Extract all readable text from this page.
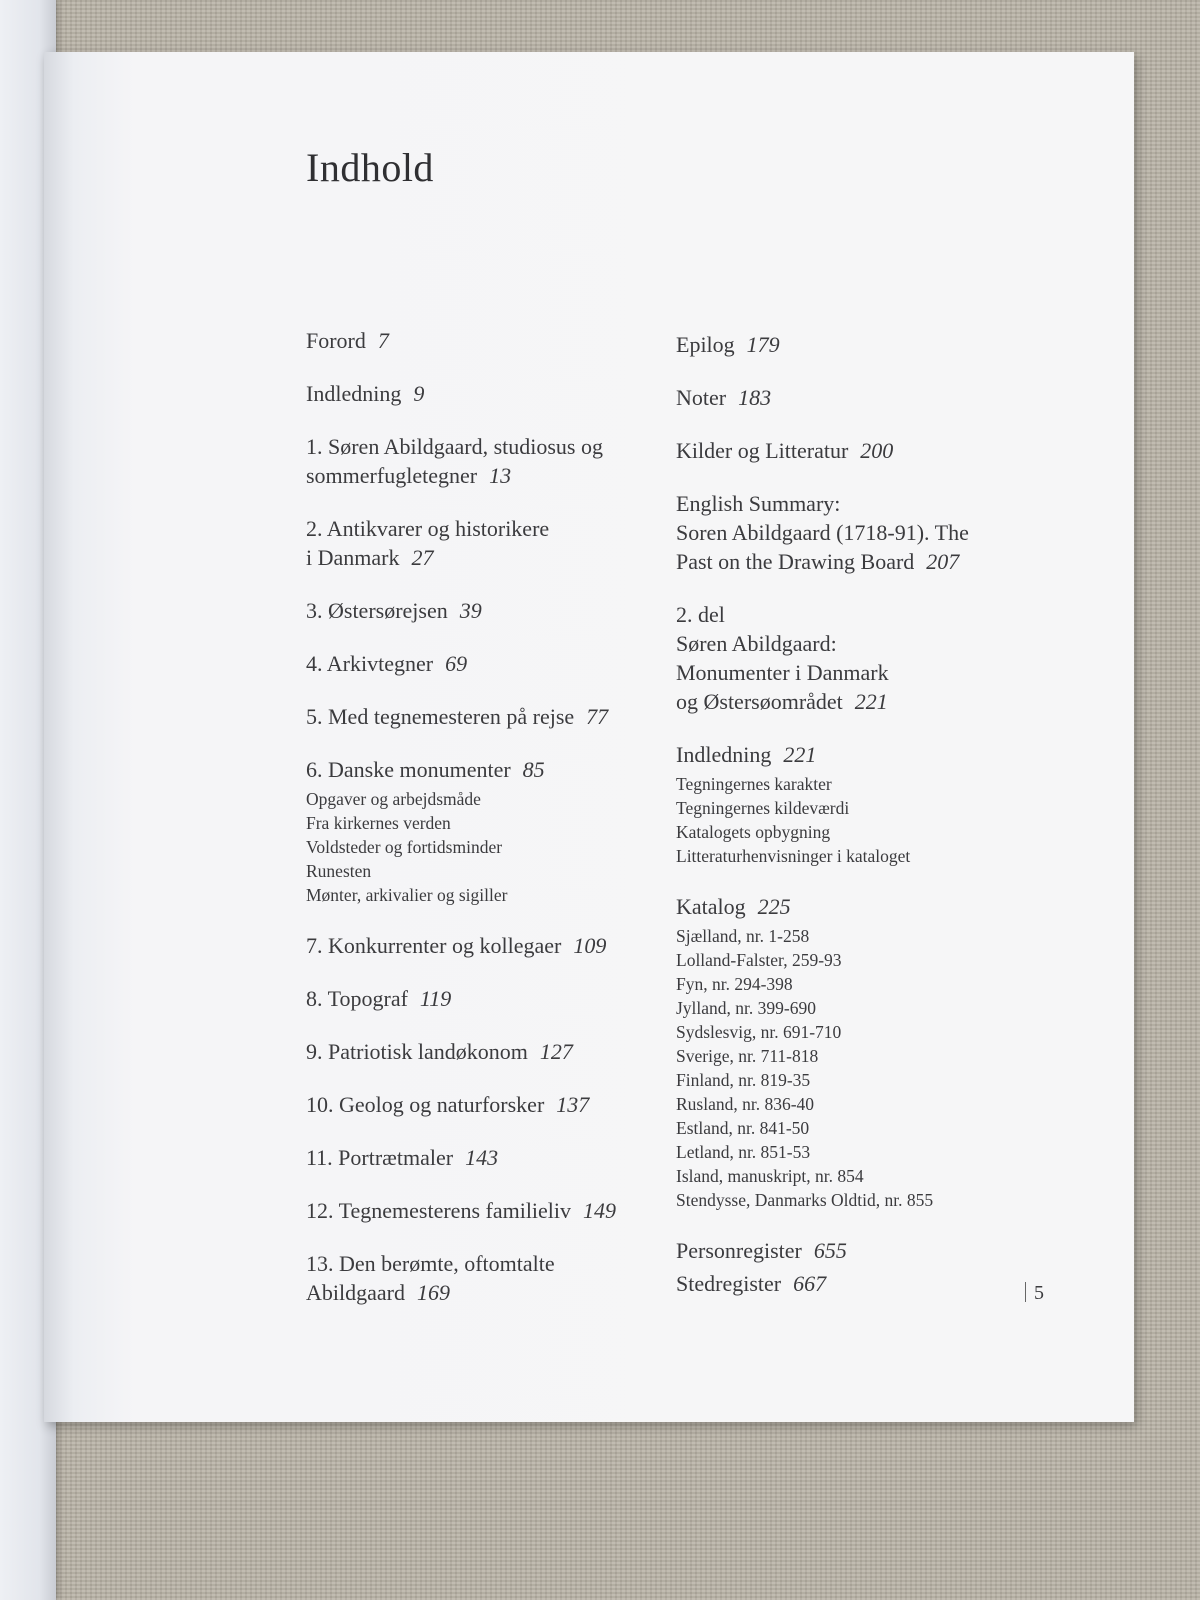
Indhold
Forord 7
Indledning 9
1. Søren Abildgaard, studiosus og
sommerfugletegner 13
2. Antikvarer og historikere
i Danmark 27
3. Østersørejsen 39
4. Arkivtegner 69
5. Med tegnemesteren på rejse 77
6. Danske monumenter 85
Opgaver og arbejdsmåde
Fra kirkernes verden
Voldsteder og fortidsminder
Runesten
Mønter, arkivalier og sigiller
7. Konkurrenter og kollegaer 109
8. Topograf 119
9. Patriotisk landøkonom 127
10. Geolog og naturforsker 137
11. Portrætmaler 143
12. Tegnemesterens familieliv 149
13. Den berømte, oftomtalte
Abildgaard 169
Epilog 179
Noter 183
Kilder og Litteratur 200
English Summary:
Soren Abildgaard (1718-91). The
Past on the Drawing Board 207
2. del
Søren Abildgaard:
Monumenter i Danmark
og Østersøområdet 221
Indledning 221
Tegningernes karakter
Tegningernes kildeværdi
Katalogets opbygning
Litteraturhenvisninger i kataloget
Katalog 225
Sjælland, nr. 1-258
Lolland-Falster, 259-93
Fyn, nr. 294-398
Jylland, nr. 399-690
Sydslesvig, nr. 691-710
Sverige, nr. 711-818
Finland, nr. 819-35
Rusland, nr. 836-40
Estland, nr. 841-50
Letland, nr. 851-53
Island, manuskript, nr. 854
Stendysse, Danmarks Oldtid, nr. 855
Personregister 655
Stedregister 667	5
